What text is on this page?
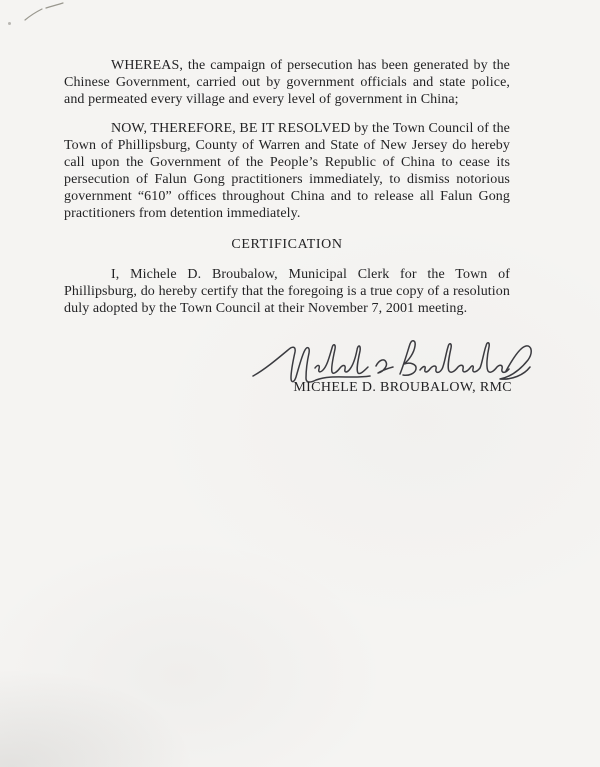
WHEREAS, the campaign of persecution has been generated by the Chinese Government, carried out by government officials and state police, and permeated every village and every level of government in China;

NOW, THEREFORE, BE IT RESOLVED by the Town Council of the Town of Phillipsburg, County of Warren and State of New Jersey do hereby call upon the Government of the People’s Republic of China to cease its persecution of Falun Gong practitioners immediately, to dismiss notorious government “610” offices throughout China and to release all Falun Gong practitioners from detention immediately.

CERTIFICATION

I, Michele D. Broubalow, Municipal Clerk for the Town of Phillipsburg, do hereby certify that the foregoing is a true copy of a resolution duly adopted by the Town Council at their November 7, 2001 meeting.

MICHELE D. BROUBALOW, RMC
